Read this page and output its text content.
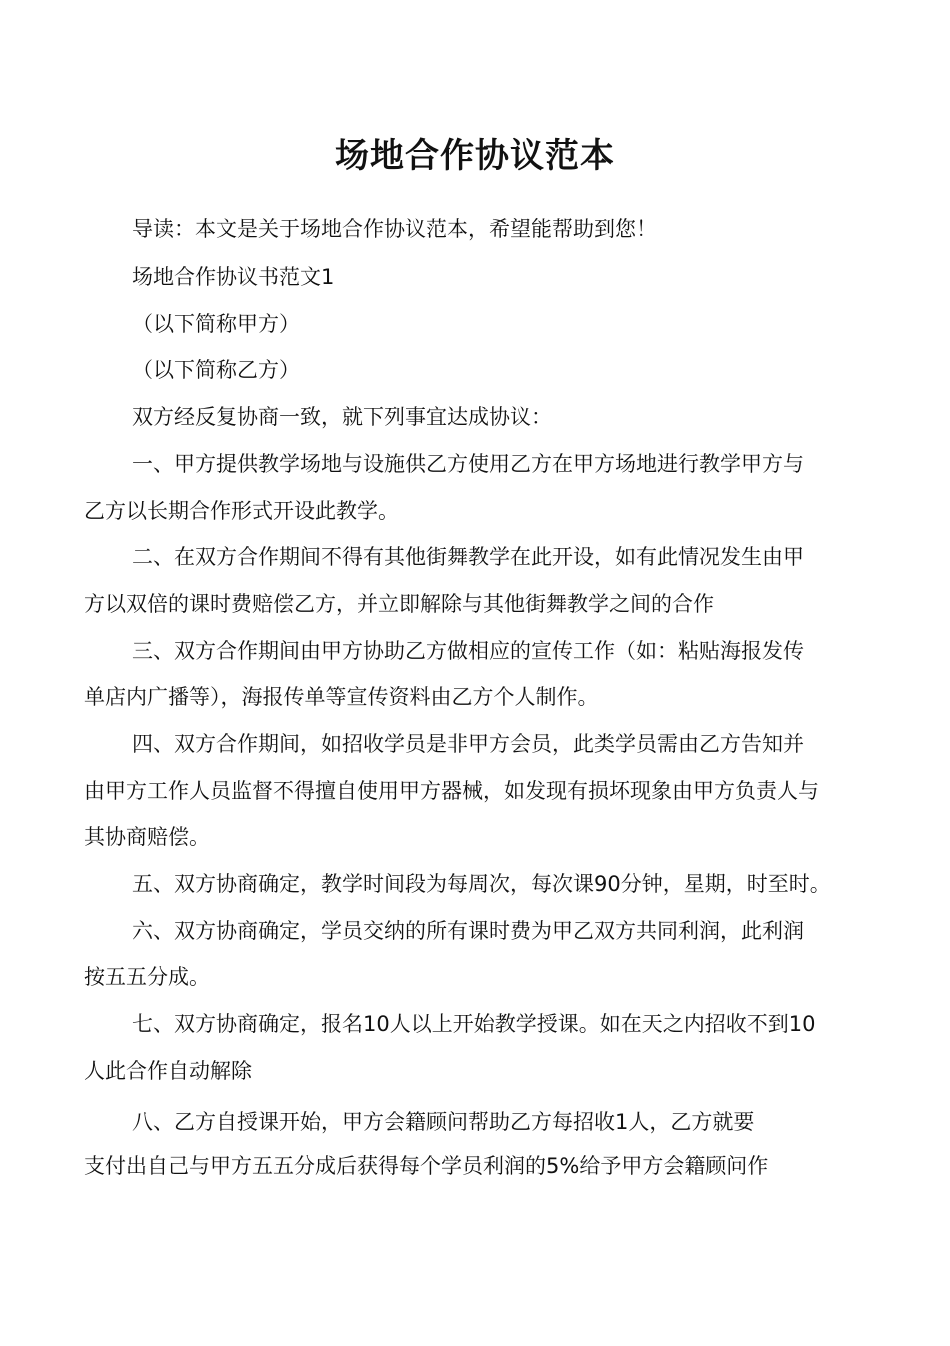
场地合作协议范本
导读：本文是关于场地合作协议范本，希望能帮助到您！
场地合作协议书范文1
（以下简称甲方）
（以下简称乙方）
双方经反复协商一致，就下列事宜达成协议：
一、甲方提供教学场地与设施供乙方使用乙方在甲方场地进行教学甲方与
乙方以长期合作形式开设此教学。
二、在双方合作期间不得有其他街舞教学在此开设，如有此情况发生由甲
方以双倍的课时费赔偿乙方，并立即解除与其他街舞教学之间的合作
三、双方合作期间由甲方协助乙方做相应的宣传工作（如：粘贴海报发传
单店内广播等），海报传单等宣传资料由乙方个人制作。
四、双方合作期间，如招收学员是非甲方会员，此类学员需由乙方告知并
由甲方工作人员监督不得擅自使用甲方器械，如发现有损坏现象由甲方负责人与
其协商赔偿。
五、双方协商确定，教学时间段为每周次，每次课90分钟，星期，时至时。
六、双方协商确定，学员交纳的所有课时费为甲乙双方共同利润，此利润
按五五分成。
七、双方协商确定，报名10人以上开始教学授课。如在天之内招收不到10
人此合作自动解除
八、乙方自授课开始，甲方会籍顾问帮助乙方每招收1人，乙方就要
支付出自己与甲方五五分成后获得每个学员利润的5%给予甲方会籍顾问作
